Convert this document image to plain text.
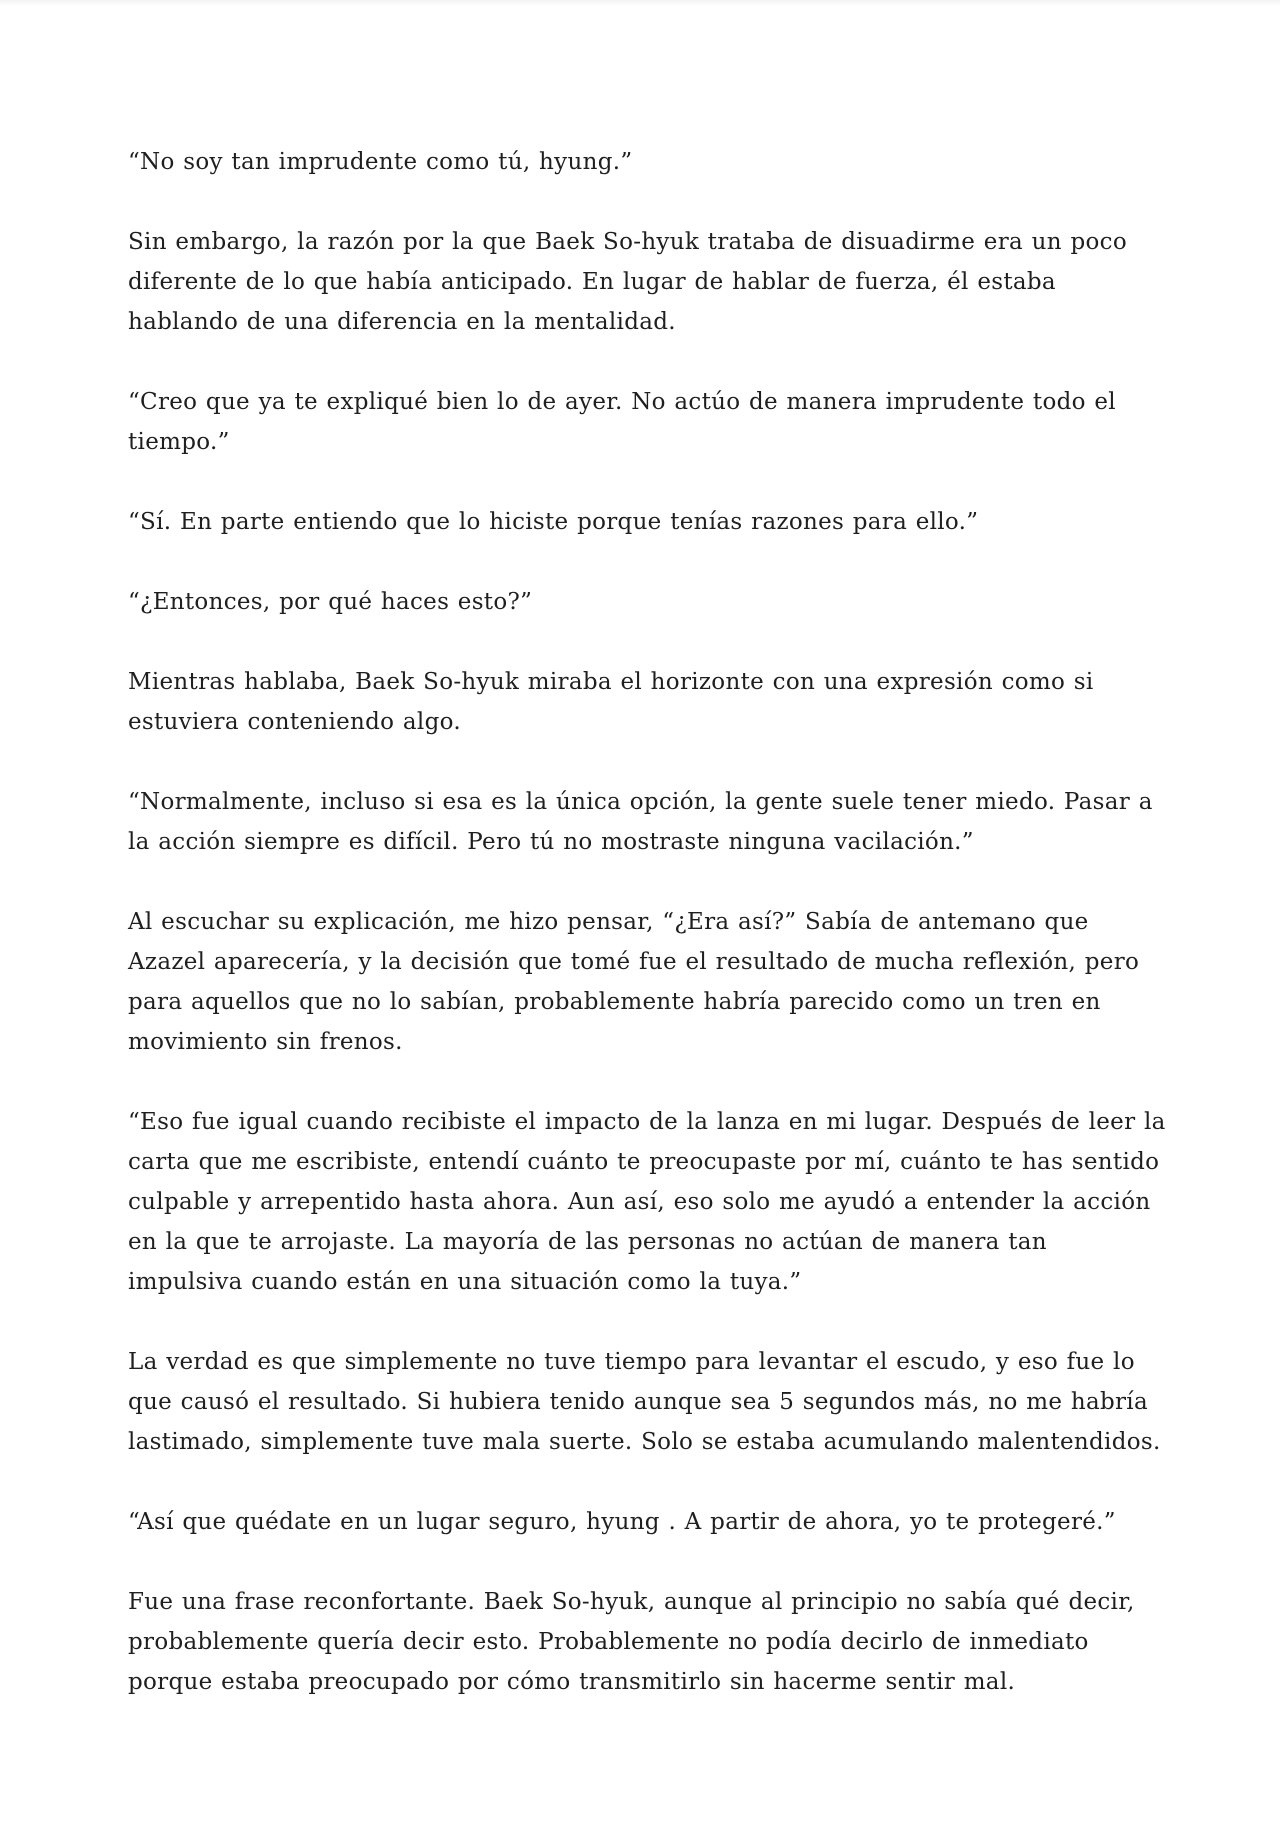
“No soy tan imprudente como tú, hyung.”

Sin embargo, la razón por la que Baek So-hyuk trataba de disuadirme era un poco diferente de lo que había anticipado. En lugar de hablar de fuerza, él estaba hablando de una diferencia en la mentalidad.

“Creo que ya te expliqué bien lo de ayer. No actúo de manera imprudente todo el tiempo.”

“Sí. En parte entiendo que lo hiciste porque tenías razones para ello.”

“¿Entonces, por qué haces esto?”

Mientras hablaba, Baek So-hyuk miraba el horizonte con una expresión como si estuviera conteniendo algo.

“Normalmente, incluso si esa es la única opción, la gente suele tener miedo. Pasar a la acción siempre es difícil. Pero tú no mostraste ninguna vacilación.”

Al escuchar su explicación, me hizo pensar, “¿Era así?” Sabía de antemano que Azazel aparecería, y la decisión que tomé fue el resultado de mucha reflexión, pero para aquellos que no lo sabían, probablemente habría parecido como un tren en movimiento sin frenos.

“Eso fue igual cuando recibiste el impacto de la lanza en mi lugar. Después de leer la carta que me escribiste, entendí cuánto te preocupaste por mí, cuánto te has sentido culpable y arrepentido hasta ahora. Aun así, eso solo me ayudó a entender la acción en la que te arrojaste. La mayoría de las personas no actúan de manera tan impulsiva cuando están en una situación como la tuya.”

La verdad es que simplemente no tuve tiempo para levantar el escudo, y eso fue lo que causó el resultado. Si hubiera tenido aunque sea 5 segundos más, no me habría lastimado, simplemente tuve mala suerte. Solo se estaba acumulando malentendidos.

“Así que quédate en un lugar seguro, hyung . A partir de ahora, yo te protegeré.”

Fue una frase reconfortante. Baek So-hyuk, aunque al principio no sabía qué decir, probablemente quería decir esto. Probablemente no podía decirlo de inmediato porque estaba preocupado por cómo transmitirlo sin hacerme sentir mal.
